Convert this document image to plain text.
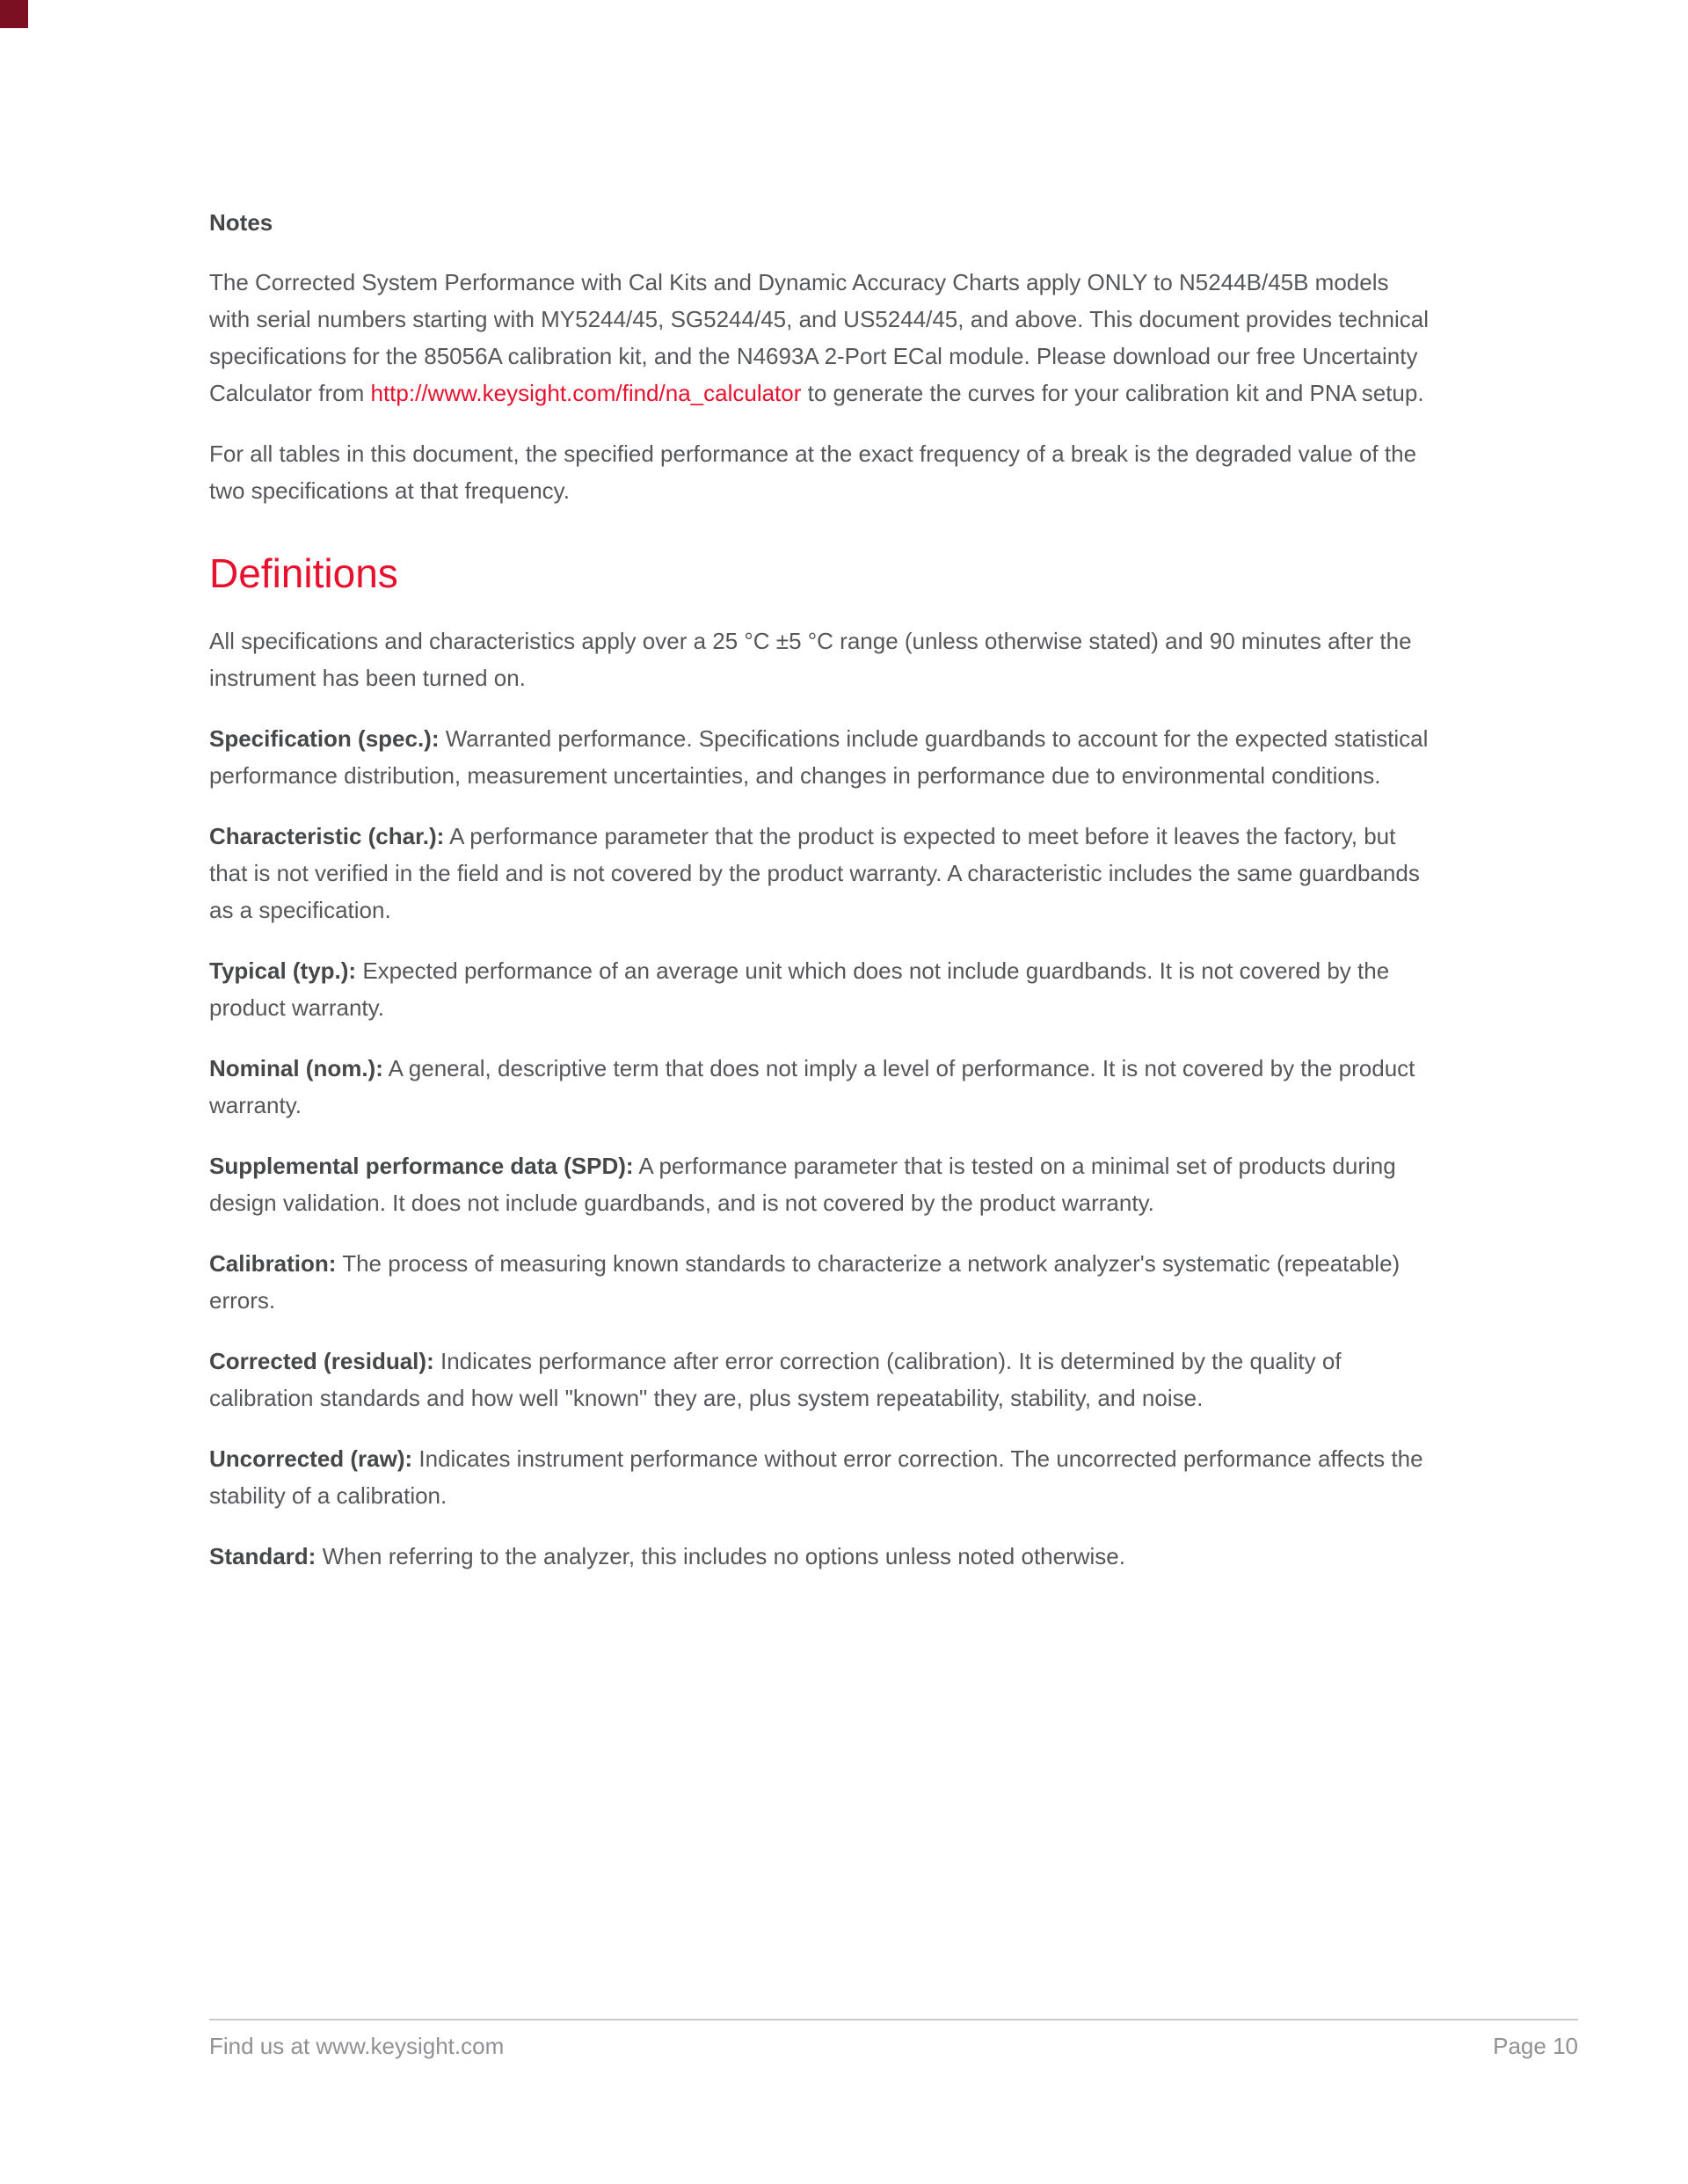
Notes

The Corrected System Performance with Cal Kits and Dynamic Accuracy Charts apply ONLY to N5244B/45B models with serial numbers starting with MY5244/45, SG5244/45, and US5244/45, and above. This document provides technical specifications for the 85056A calibration kit, and the N4693A 2-Port ECal module. Please download our free Uncertainty Calculator from http://www.keysight.com/find/na_calculator to generate the curves for your calibration kit and PNA setup.

For all tables in this document, the specified performance at the exact frequency of a break is the degraded value of the two specifications at that frequency.

Definitions

All specifications and characteristics apply over a 25 °C ±5 °C range (unless otherwise stated) and 90 minutes after the instrument has been turned on.

Specification (spec.): Warranted performance. Specifications include guardbands to account for the expected statistical performance distribution, measurement uncertainties, and changes in performance due to environmental conditions.

Characteristic (char.): A performance parameter that the product is expected to meet before it leaves the factory, but that is not verified in the field and is not covered by the product warranty. A characteristic includes the same guardbands as a specification.

Typical (typ.): Expected performance of an average unit which does not include guardbands. It is not covered by the product warranty.

Nominal (nom.): A general, descriptive term that does not imply a level of performance. It is not covered by the product warranty.

Supplemental performance data (SPD): A performance parameter that is tested on a minimal set of products during design validation. It does not include guardbands, and is not covered by the product warranty.

Calibration: The process of measuring known standards to characterize a network analyzer's systematic (repeatable) errors.

Corrected (residual): Indicates performance after error correction (calibration). It is determined by the quality of calibration standards and how well "known" they are, plus system repeatability, stability, and noise.

Uncorrected (raw): Indicates instrument performance without error correction. The uncorrected performance affects the stability of a calibration.

Standard: When referring to the analyzer, this includes no options unless noted otherwise.

Find us at www.keysight.com	Page 10
